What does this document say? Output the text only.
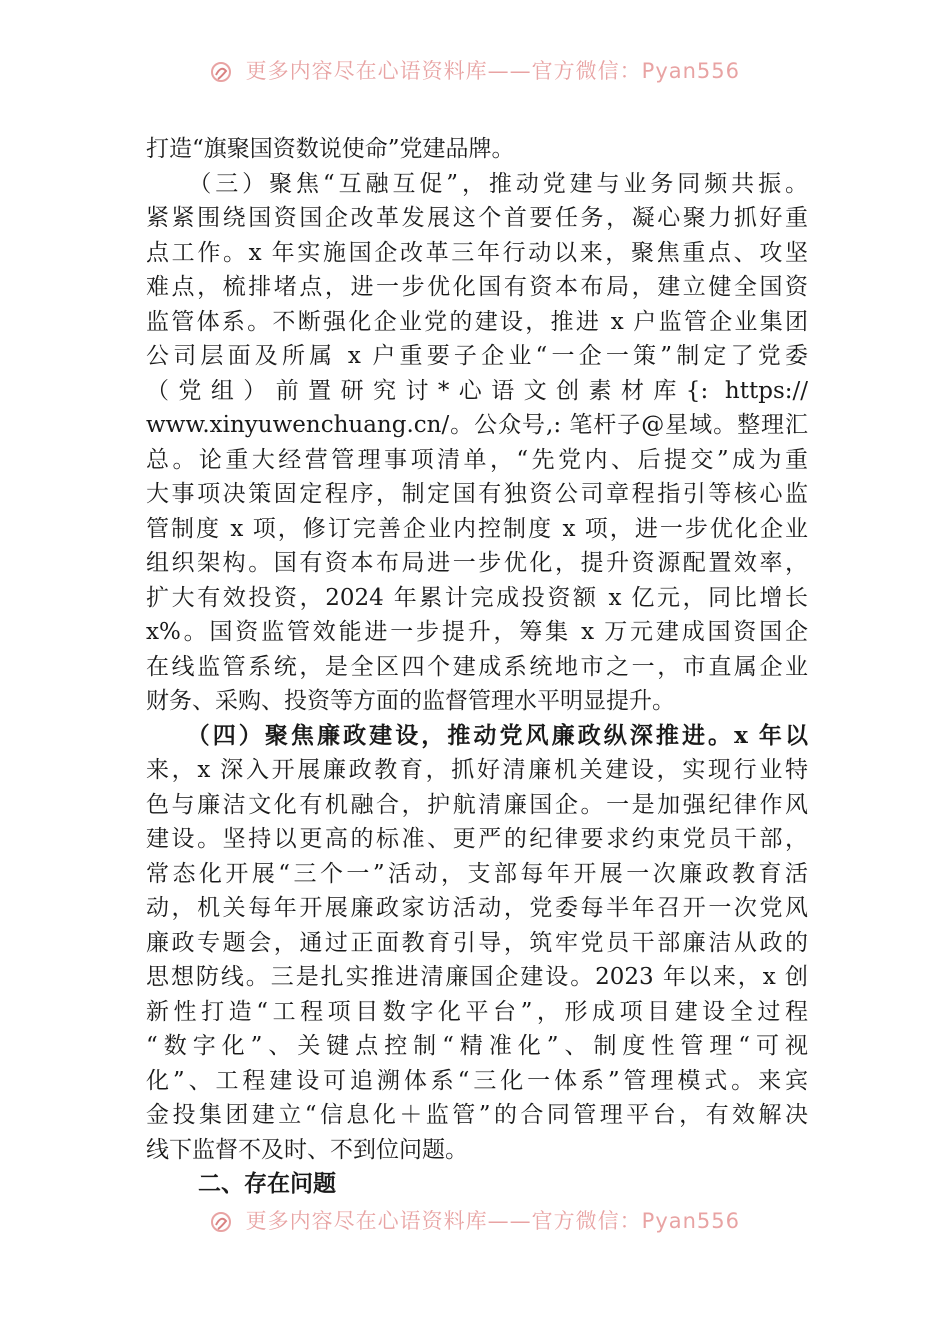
更多内容尽在心语资料库——官方微信：Pyan556
打造“旗聚国资数说使命”党建品牌。
　　（三）聚焦“互融互促”，推动党建与业务同频共振。
紧紧围绕国资国企改革发展这个首要任务，凝心聚力抓好重
点工作。x 年实施国企改革三年行动以来，聚焦重点、攻坚
难点，梳排堵点，进一步优化国有资本布局，建立健全国资
监管体系。不断强化企业党的建设，推进 x 户监管企业集团
公司层面及所属 x 户重要子企业“一企一策”制定了党委
（党组）前置研究讨*心语文创素材库{: https://
www.xinyuwenchuang.cn/。公众号,: 笔杆子@星域。整理汇
总。论重大经营管理事项清单，“先党内、后提交”成为重
大事项决策固定程序，制定国有独资公司章程指引等核心监
管制度 x 项，修订完善企业内控制度 x 项，进一步优化企业
组织架构。国有资本布局进一步优化，提升资源配置效率，
扩大有效投资，2024 年累计完成投资额 x 亿元，同比增长
x%。国资监管效能进一步提升，筹集 x 万元建成国资国企
在线监管系统，是全区四个建成系统地市之一，市直属企业
财务、采购、投资等方面的监督管理水平明显提升。
　　（四）聚焦廉政建设，推动党风廉政纵深推进。x 年以
来，x 深入开展廉政教育，抓好清廉机关建设，实现行业特
色与廉洁文化有机融合，护航清廉国企。一是加强纪律作风
建设。坚持以更高的标准、更严的纪律要求约束党员干部，
常态化开展“三个一”活动，支部每年开展一次廉政教育活
动，机关每年开展廉政家访活动，党委每半年召开一次党风
廉政专题会，通过正面教育引导，筑牢党员干部廉洁从政的
思想防线。三是扎实推进清廉国企建设。2023 年以来，x 创
新性打造“工程项目数字化平台”，形成项目建设全过程
“数字化”、关键点控制“精准化”、制度性管理“可视
化”、工程建设可追溯体系“三化一体系”管理模式。来宾
金投集团建立“信息化＋监管”的合同管理平台，有效解决
线下监督不及时、不到位问题。
二、存在问题
更多内容尽在心语资料库——官方微信：Pyan556
